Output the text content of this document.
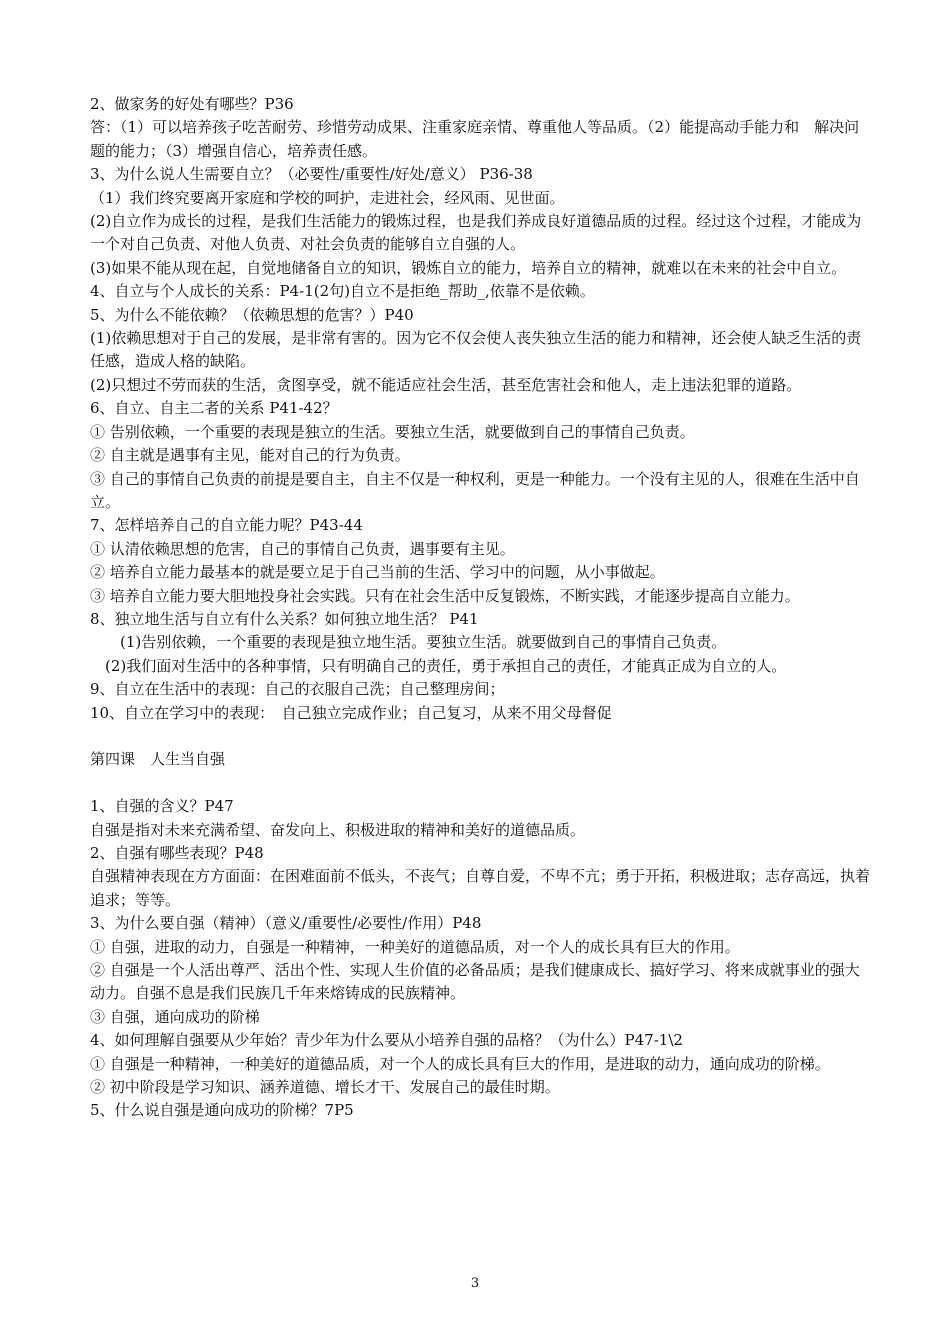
2、做家务的好处有哪些？P36

答：（1）可以培养孩子吃苦耐劳、珍惜劳动成果、注重家庭亲情、尊重他人等品质。（2）能提高动手能力和　解决问题的能力；（3）增强自信心，培养责任感。

3、为什么说人生需要自立？（必要性/重要性/好处/意义） P36-38

（1）我们终究要离开家庭和学校的呵护，走进社会，经风雨、见世面。

(2)自立作为成长的过程，是我们生活能力的锻炼过程，也是我们养成良好道德品质的过程。经过这个过程，才能成为一个对自己负责、对他人负责、对社会负责的能够自立自强的人。

(3)如果不能从现在起，自觉地储备自立的知识，锻炼自立的能力，培养自立的精神，就难以在未来的社会中自立。

4、自立与个人成长的关系：P4-1(2句)自立不是拒绝_帮助_,依靠不是依赖。

5、为什么不能依赖？（依赖思想的危害？）P40

(1)依赖思想对于自己的发展，是非常有害的。因为它不仅会使人丧失独立生活的能力和精神，还会使人缺乏生活的责任感，造成人格的缺陷。

(2)只想过不劳而获的生活，贪图享受，就不能适应社会生活，甚至危害社会和他人，走上违法犯罪的道路。

6、自立、自主二者的关系 P41-42？

① 告别依赖，一个重要的表现是独立的生活。要独立生活，就要做到自己的事情自己负责。

② 自主就是遇事有主见，能对自己的行为负责。

③ 自己的事情自己负责的前提是要自主，自主不仅是一种权利，更是一种能力。一个没有主见的人，很难在生活中自立。

7、怎样培养自己的自立能力呢？P43-44

① 认清依赖思想的危害，自己的事情自己负责，遇事要有主见。

② 培养自立能力最基本的就是要立足于自己当前的生活、学习中的问题，从小事做起。

③ 培养自立能力要大胆地投身社会实践。只有在社会生活中反复锻炼，不断实践，才能逐步提高自立能力。

8、独立地生活与自立有什么关系？如何独立地生活？ P41

　　(1)告别依赖，一个重要的表现是独立地生活。要独立生活。就要做到自己的事情自己负责。

　(2)我们面对生活中的各种事情，只有明确自己的责任，勇于承担自己的责任，才能真正成为自立的人。

9、自立在生活中的表现：自己的衣服自己洗；自己整理房间；

10、自立在学习中的表现：　自己独立完成作业；自己复习，从来不用父母督促

第四课　人生当自强

1、自强的含义？P47

自强是指对未来充满希望、奋发向上、积极进取的精神和美好的道德品质。

2、自强有哪些表现？P48

自强精神表现在方方面面：在困难面前不低头，不丧气；自尊自爱，不卑不亢；勇于开拓，积极进取；志存高远，执着追求；等等。

3、为什么要自强（精神）（意义/重要性/必要性/作用）P48

① 自强，进取的动力，自强是一种精神，一种美好的道德品质，对一个人的成长具有巨大的作用。

② 自强是一个人活出尊严、活出个性、实现人生价值的必备品质；是我们健康成长、搞好学习、将来成就事业的强大动力。自强不息是我们民族几千年来熔铸成的民族精神。

③ 自强，通向成功的阶梯

4、如何理解自强要从少年始？青少年为什么要从小培养自强的品格？（为什么）P47-1\2

① 自强是一种精神，一种美好的道德品质，对一个人的成长具有巨大的作用，是进取的动力，通向成功的阶梯。

② 初中阶段是学习知识、涵养道德、增长才干、发展自己的最佳时期。

5、什么说自强是通向成功的阶梯？7P5

3
